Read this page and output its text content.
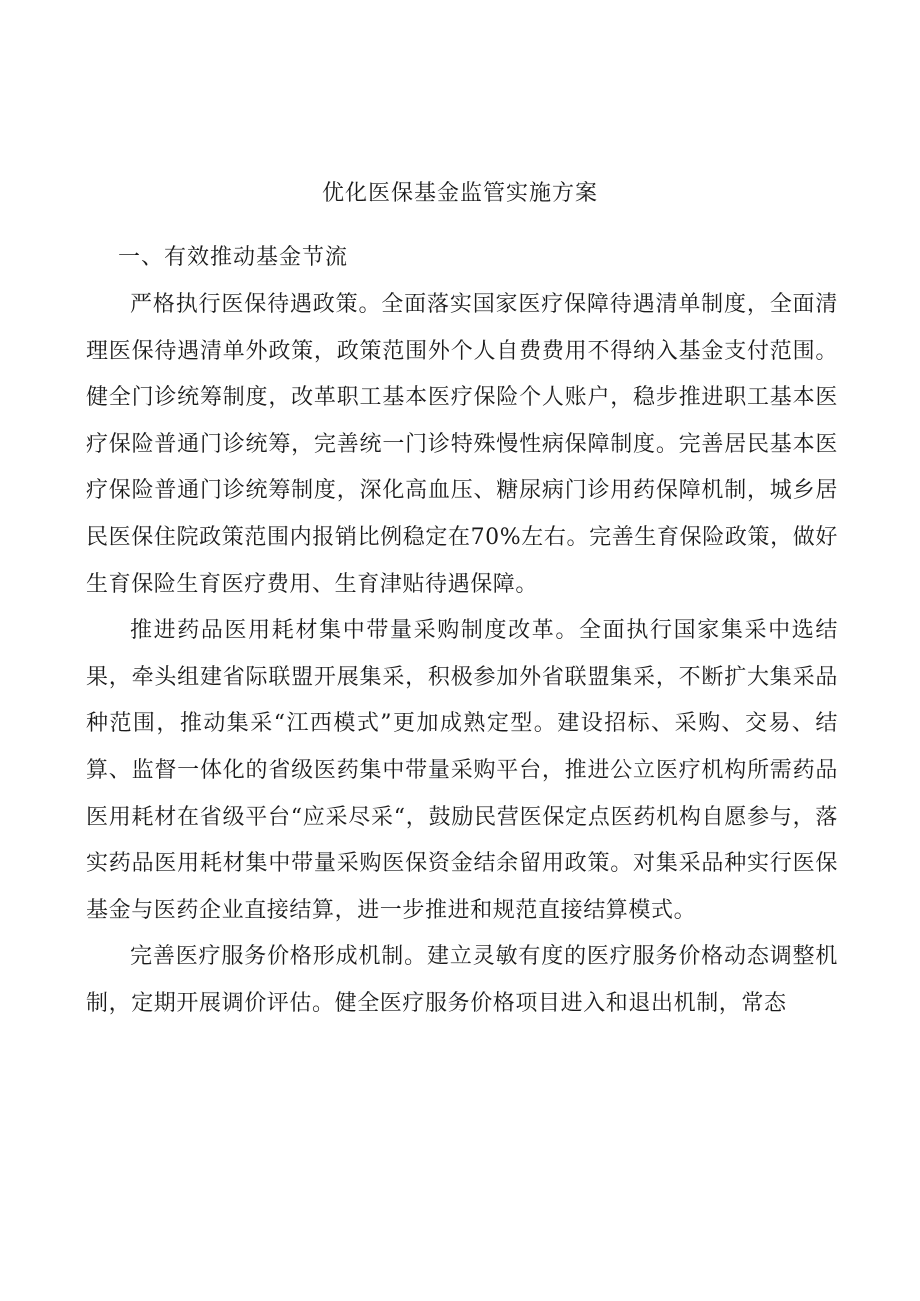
优化医保基金监管实施方案
一、有效推动基金节流

严格执行医保待遇政策。全面落实国家医疗保障待遇清单制度，全面清理医保待遇清单外政策，政策范围外个人自费费用不得纳入基金支付范围。健全门诊统筹制度，改革职工基本医疗保险个人账户，稳步推进职工基本医疗保险普通门诊统筹，完善统一门诊特殊慢性病保障制度。完善居民基本医疗保险普通门诊统筹制度，深化高血压、糖尿病门诊用药保障机制，城乡居民医保住院政策范围内报销比例稳定在70%左右。完善生育保险政策，做好生育保险生育医疗费用、生育津贴待遇保障。

推进药品医用耗材集中带量采购制度改革。全面执行国家集采中选结果，牵头组建省际联盟开展集采，积极参加外省联盟集采，不断扩大集采品种范围，推动集采“江西模式”更加成熟定型。建设招标、采购、交易、结算、监督一体化的省级医药集中带量采购平台，推进公立医疗机构所需药品医用耗材在省级平台“应采尽采“，鼓励民营医保定点医药机构自愿参与，落实药品医用耗材集中带量采购医保资金结余留用政策。对集采品种实行医保基金与医药企业直接结算，进一步推进和规范直接结算模式。

完善医疗服务价格形成机制。建立灵敏有度的医疗服务价格动态调整机制，定期开展调价评估。健全医疗服务价格项目进入和退出机制，常态
